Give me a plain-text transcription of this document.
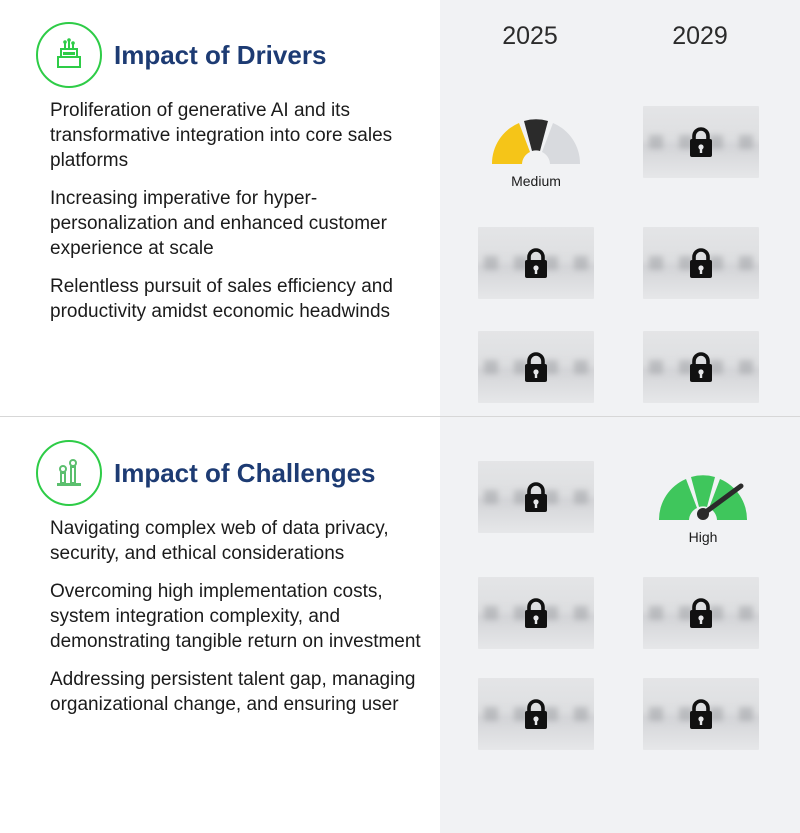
2025	2029
Impact of Drivers
Proliferation of generative AI and its transformative integration into core sales platforms
Increasing imperative for hyper-personalization and enhanced customer experience at scale
Relentless pursuit of sales efficiency and productivity amidst economic headwinds
Medium
Impact of Challenges
Navigating complex web of data privacy, security, and ethical considerations
Overcoming high implementation costs, system integration complexity, and demonstrating tangible return on investment
Addressing persistent talent gap, managing organizational change, and ensuring user
High
